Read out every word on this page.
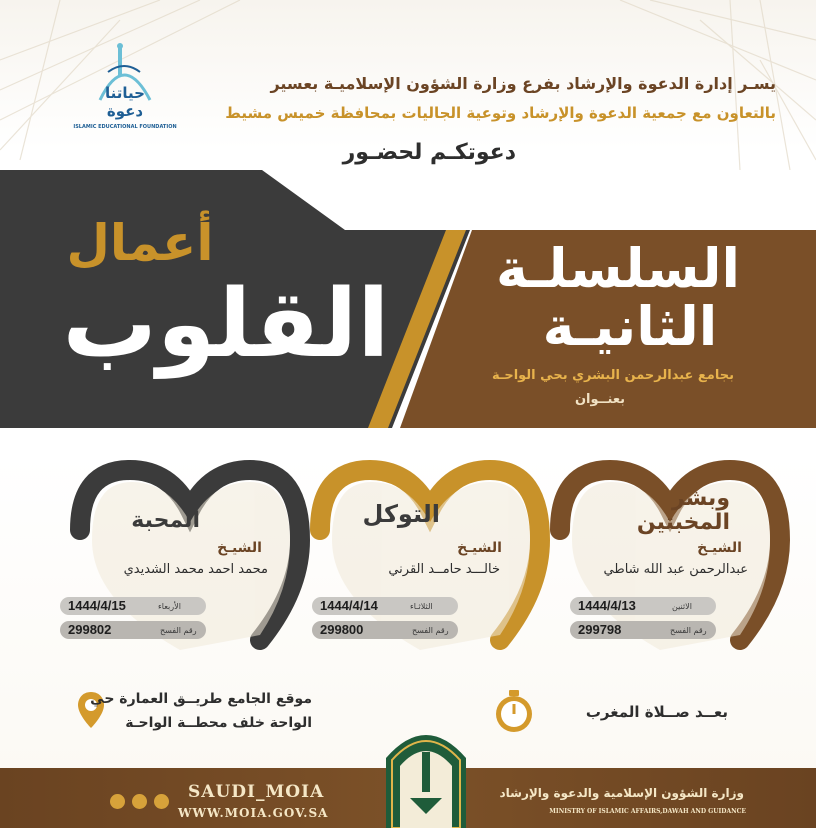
حياتنا دعوة
ISLAMIC EDUCATIONAL FOUNDATION
يسـر إدارة الدعوة والإرشاد بفرع وزارة الشؤون الإسلاميـة بعسير
بالتعاون مع جمعية الدعوة والإرشاد وتوعية الجاليات بمحافظة خميس مشيط
دعوتكـم لحضـور
أعمال
القلوب
السلسلـة
الثانيـة
بجامع عبدالرحمن البشري بحي الواحـة
بعنــوان
وبشر
المخبتين
الشيـخ
عبدالرحمن عبد الله شاطي
التوكل
الشيـخ
خالـــد حامــد القرني
المحبة
الشيـخ
محمد احمد محمد الشديدي
1444/4/13	الاثنين
299798	رقم الفسح
1444/4/14	الثلاثـاء
299800	رقم الفسح
1444/4/15	الأربعاء
299802	رقم الفسح
موقع الجامع طريــق العمارة حي
الواحة خلف محطــة الواحـة
بعــد صــلاة المغرب
SAUDI_MOIA
WWW.MOIA.GOV.SA
وزارة الشؤون الإسلامية والدعوة والإرشاد
MINISTRY OF ISLAMIC AFFAIRS,DAWAH AND GUIDANCE
